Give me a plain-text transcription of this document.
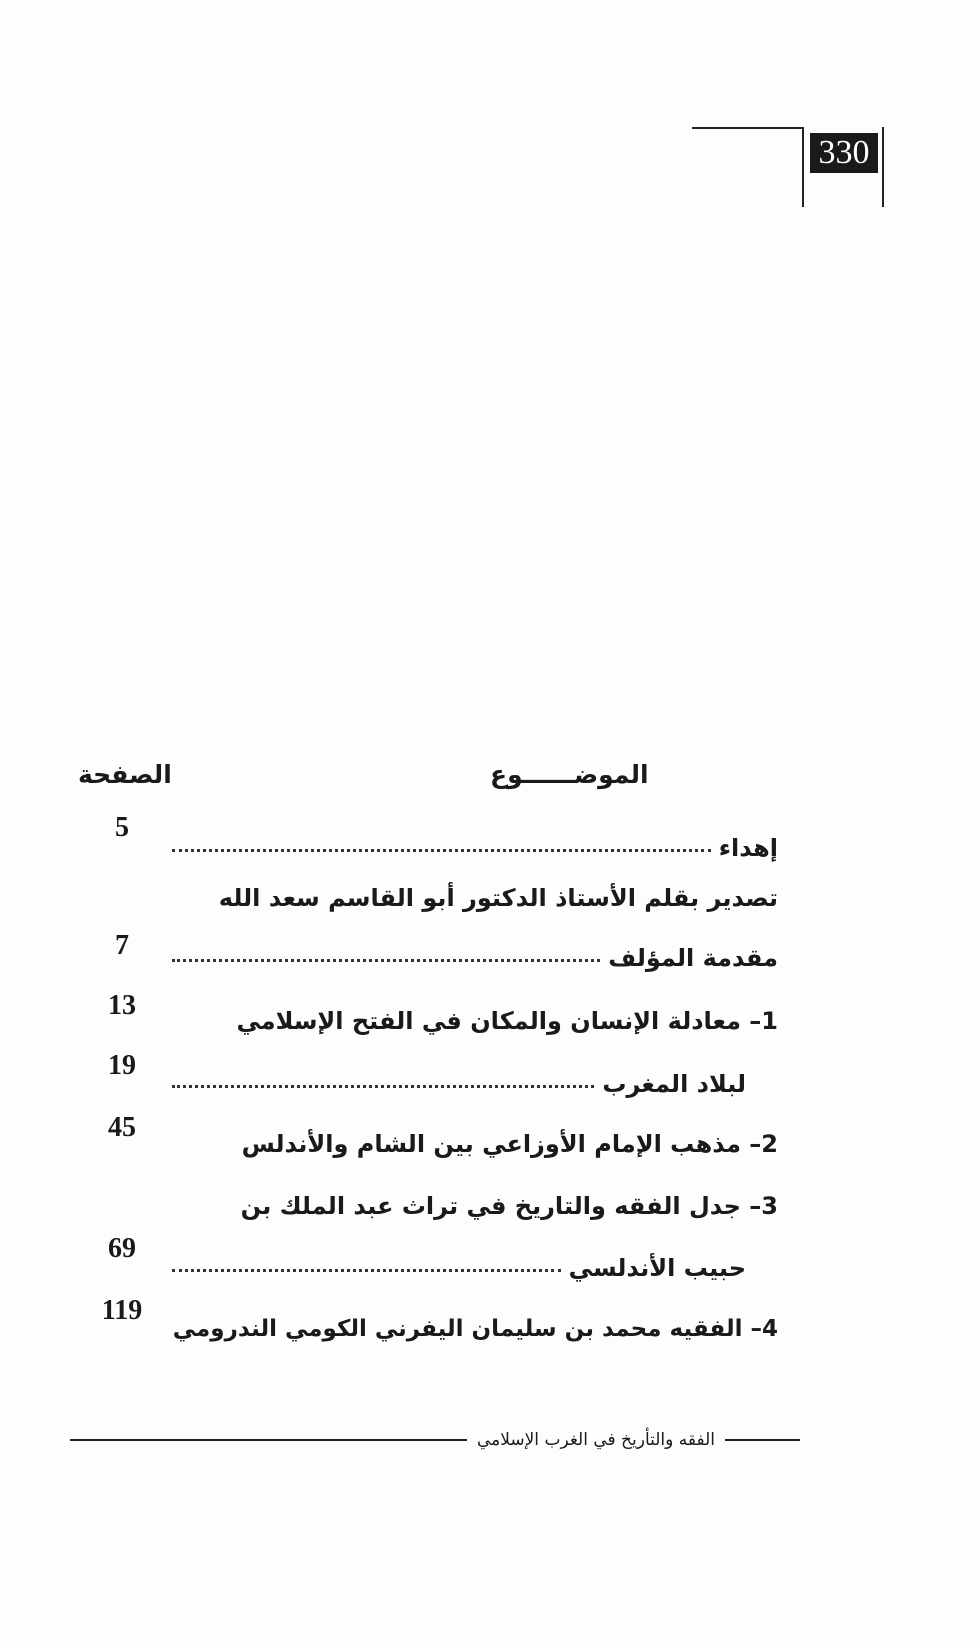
330
الموضــــــوع
الصفحة
إهداء
5
تصدير بقلم الأستاذ الدكتور أبو القاسم سعد الله
مقدمة المؤلف
7
1– معادلة الإنسان والمكان في الفتح الإسلامي
13
لبلاد المغرب
19
2– مذهب الإمام الأوزاعي بين الشام والأندلس
45
3– جدل الفقه والتاريخ في تراث عبد الملك بن
حبيب الأندلسي
69
4– الفقيه محمد بن سليمان اليفرني الكومي الندرومي
119
الفقه والتأريخ في الغرب الإسلامي
